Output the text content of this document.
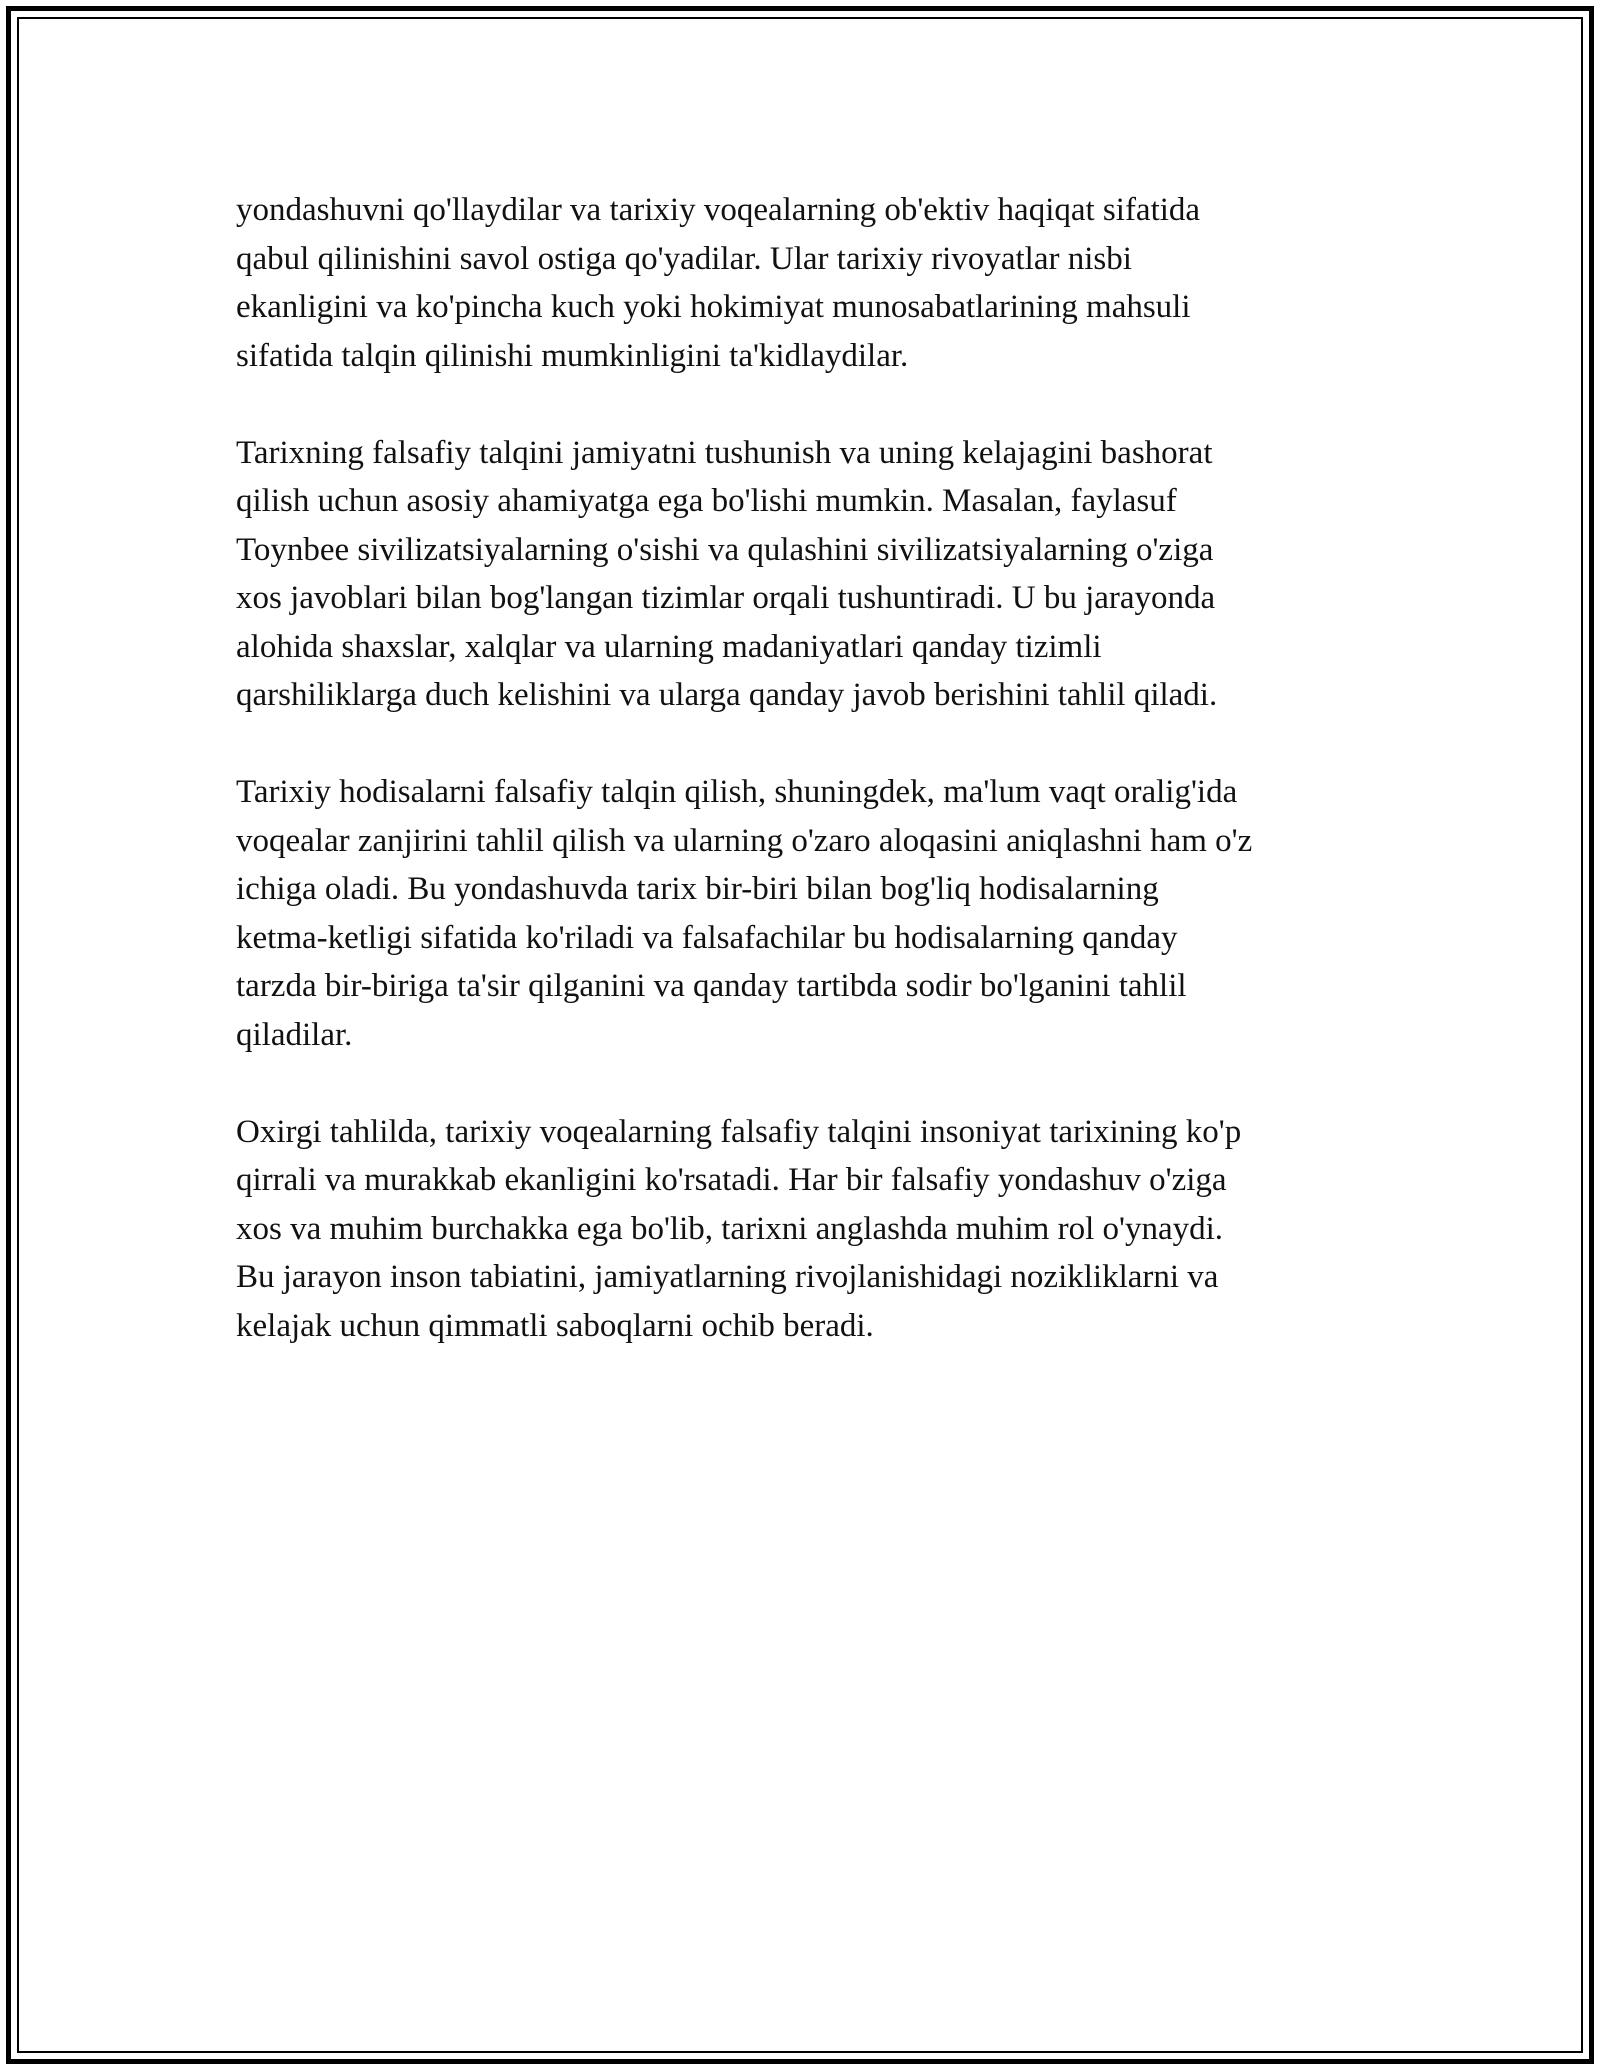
yondashuvni qo'llaydilar va tarixiy voqealarning ob'ektiv haqiqat sifatida
qabul qilinishini savol ostiga qo'yadilar. Ular tarixiy rivoyatlar nisbi
ekanligini va ko'pincha kuch yoki hokimiyat munosabatlarining mahsuli
sifatida talqin qilinishi mumkinligini ta'kidlaydilar.

Tarixning falsafiy talqini jamiyatni tushunish va uning kelajagini bashorat
qilish uchun asosiy ahamiyatga ega bo'lishi mumkin. Masalan, faylasuf
Toynbee sivilizatsiyalarning o'sishi va qulashini sivilizatsiyalarning o'ziga
xos javoblari bilan bog'langan tizimlar orqali tushuntiradi. U bu jarayonda
alohida shaxslar, xalqlar va ularning madaniyatlari qanday tizimli
qarshiliklarga duch kelishini va ularga qanday javob berishini tahlil qiladi.

Tarixiy hodisalarni falsafiy talqin qilish, shuningdek, ma'lum vaqt oralig'ida
voqealar zanjirini tahlil qilish va ularning o'zaro aloqasini aniqlashni ham o'z
ichiga oladi. Bu yondashuvda tarix bir-biri bilan bog'liq hodisalarning
ketma-ketligi sifatida ko'riladi va falsafachilar bu hodisalarning qanday
tarzda bir-biriga ta'sir qilganini va qanday tartibda sodir bo'lganini tahlil
qiladilar.

Oxirgi tahlilda, tarixiy voqealarning falsafiy talqini insoniyat tarixining ko'p
qirrali va murakkab ekanligini ko'rsatadi. Har bir falsafiy yondashuv o'ziga
xos va muhim burchakka ega bo'lib, tarixni anglashda muhim rol o'ynaydi.
Bu jarayon inson tabiatini, jamiyatlarning rivojlanishidagi nozikliklarni va
kelajak uchun qimmatli saboqlarni ochib beradi.
